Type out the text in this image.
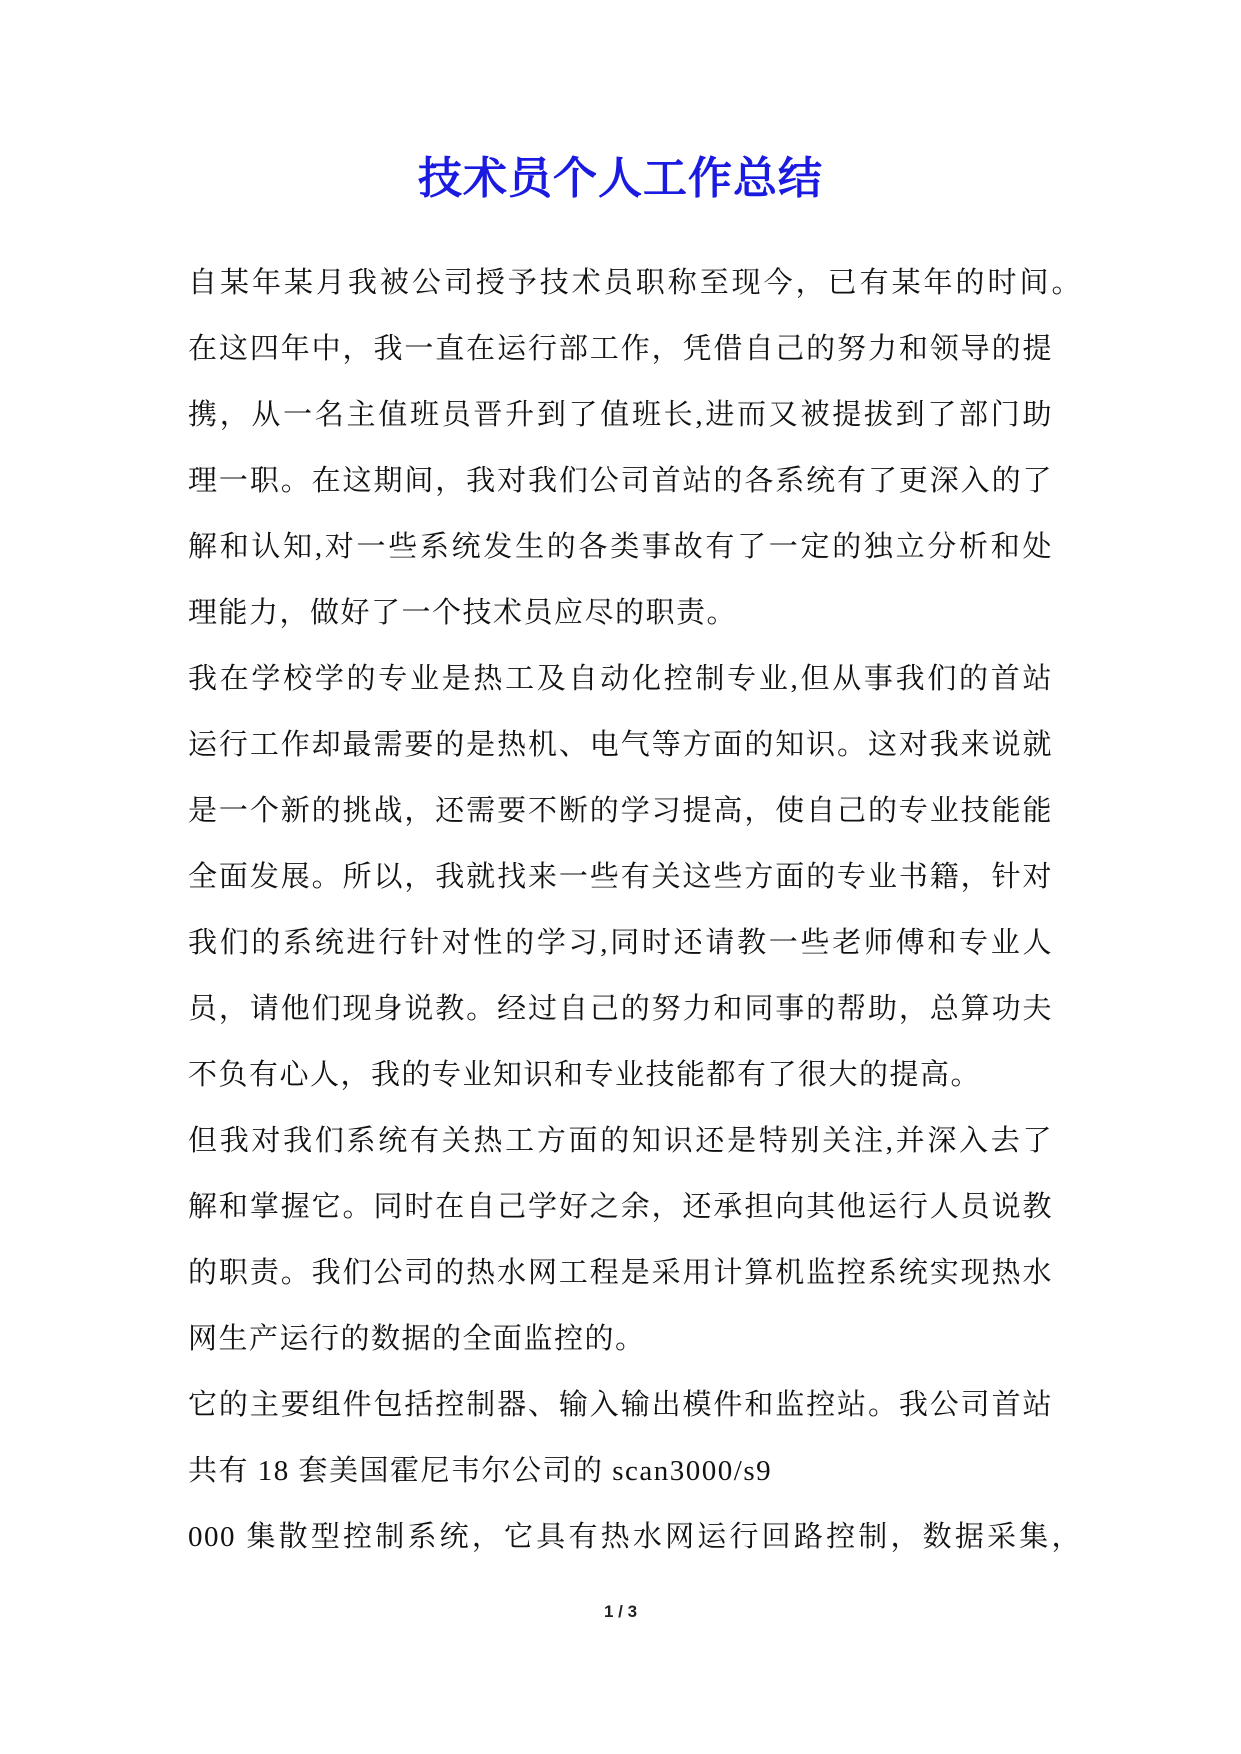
技术员个人工作总结
自某年某月我被公司授予技术员职称至现今，已有某年的时间。
在这四年中，我一直在运行部工作，凭借自己的努力和领导的提
携，从一名主值班员晋升到了值班长,进而又被提拔到了部门助
理一职。在这期间，我对我们公司首站的各系统有了更深入的了
解和认知,对一些系统发生的各类事故有了一定的独立分析和处
理能力，做好了一个技术员应尽的职责。
我在学校学的专业是热工及自动化控制专业,但从事我们的首站
运行工作却最需要的是热机、电气等方面的知识。这对我来说就
是一个新的挑战，还需要不断的学习提高，使自己的专业技能能
全面发展。所以，我就找来一些有关这些方面的专业书籍，针对
我们的系统进行针对性的学习,同时还请教一些老师傅和专业人
员，请他们现身说教。经过自己的努力和同事的帮助，总算功夫
不负有心人，我的专业知识和专业技能都有了很大的提高。
但我对我们系统有关热工方面的知识还是特别关注,并深入去了
解和掌握它。同时在自己学好之余，还承担向其他运行人员说教
的职责。我们公司的热水网工程是采用计算机监控系统实现热水
网生产运行的数据的全面监控的。
它的主要组件包括控制器、输入输出模件和监控站。我公司首站
共有 18 套美国霍尼韦尔公司的 scan3000/s9
000 集散型控制系统，它具有热水网运行回路控制，数据采集，
1 / 3
